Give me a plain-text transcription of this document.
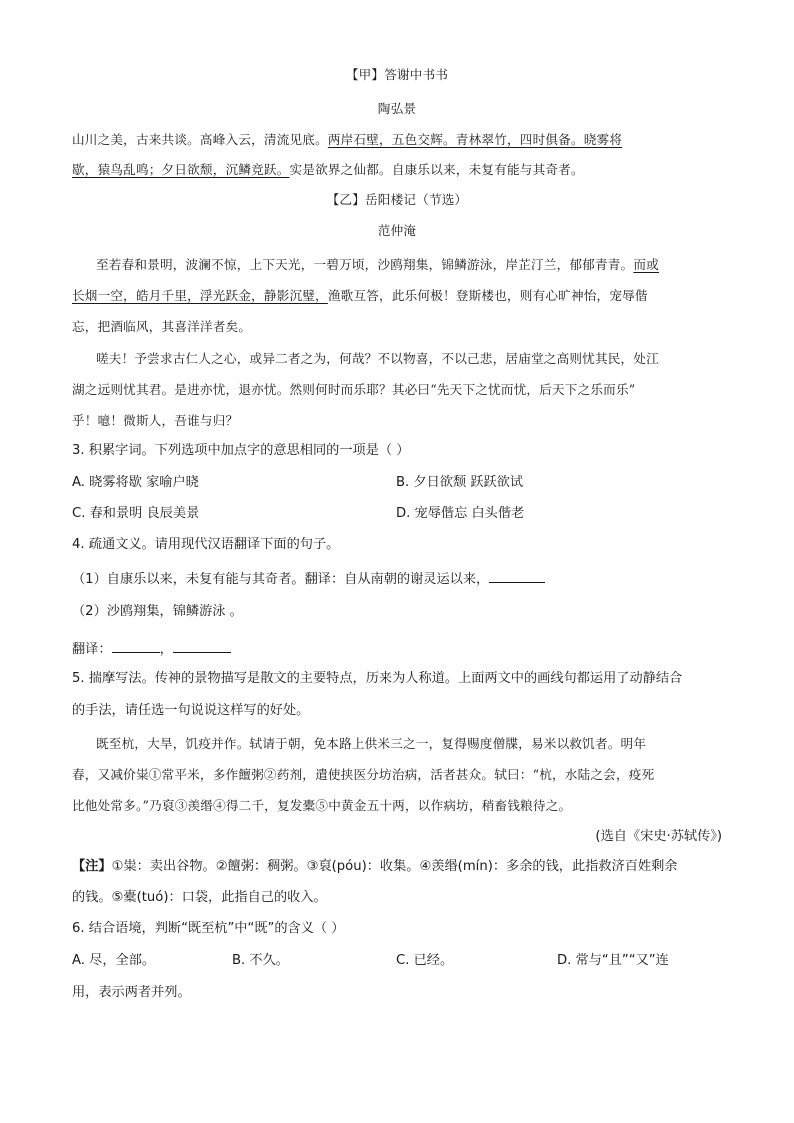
【甲】答谢中书书
陶弘景
山川之美，古来共谈。高峰入云，清流见底。两岸石壁，五色交辉。青林翠竹，四时俱备。晓雾将
歇，猿鸟乱鸣；夕日欲颓，沉鳞竞跃。实是欲界之仙都。自康乐以来，未复有能与其奇者。
【乙】岳阳楼记（节选）
范仲淹
至若春和景明，波澜不惊，上下天光，一碧万顷，沙鸥翔集，锦鳞游泳，岸芷汀兰，郁郁青青。而或
长烟一空，皓月千里，浮光跃金，静影沉璧，渔歌互答，此乐何极！登斯楼也，则有心旷神怡，宠辱偕
忘，把酒临风，其喜洋洋者矣。
嗟夫！予尝求古仁人之心，或异二者之为，何哉？不以物喜，不以己悲，居庙堂之高则忧其民，处江
湖之远则忧其君。是进亦忧，退亦忧。然则何时而乐耶？其必曰“先天下之忧而忧，后天下之乐而乐”
乎！噫！微斯人，吾谁与归？
3. 积累字词。下列选项中加点字的意思相同的一项是（ ）
A. 晓雾将歇 家喻户晓	B. 夕日欲颓 跃跃欲试
C. 春和景明 良辰美景	D. 宠辱偕忘 白头偕老
4. 疏通文义。请用现代汉语翻译下面的句子。
（1）自康乐以来，未复有能与其奇者。翻译：自从南朝的谢灵运以来，
（2）沙鸥翔集，锦鳞游泳 。
翻译：	，
5. 揣摩写法。传神的景物描写是散文的主要特点，历来为人称道。上面两文中的画线句都运用了动静结合
的手法，请任选一句说说这样写的好处。
既至杭，大旱，饥疫并作。轼请于朝，免本路上供米三之一，复得赐度僧牒，易米以救饥者。明年
春，又减价粜①常平米，多作饘粥②药剂，遣使挟医分坊治病，活者甚众。轼曰：“杭，水陆之会，疫死
比他处常多。”乃裒③羡缗④得二千，复发橐⑤中黄金五十两，以作病坊，稍畜钱粮待之。
(选自《宋史·苏轼传》)
【注】①粜：卖出谷物。②饘粥：稠粥。③裒(póu)：收集。④羡缗(mín)：多余的钱，此指救济百姓剩余
的钱。⑤橐(tuó)：口袋，此指自己的收入。
6. 结合语境，判断“既至杭”中“既”的含义（ ）
A. 尽，全部。	B. 不久。	C. 已经。	D. 常与“且”“又”连
用，表示两者并列。
